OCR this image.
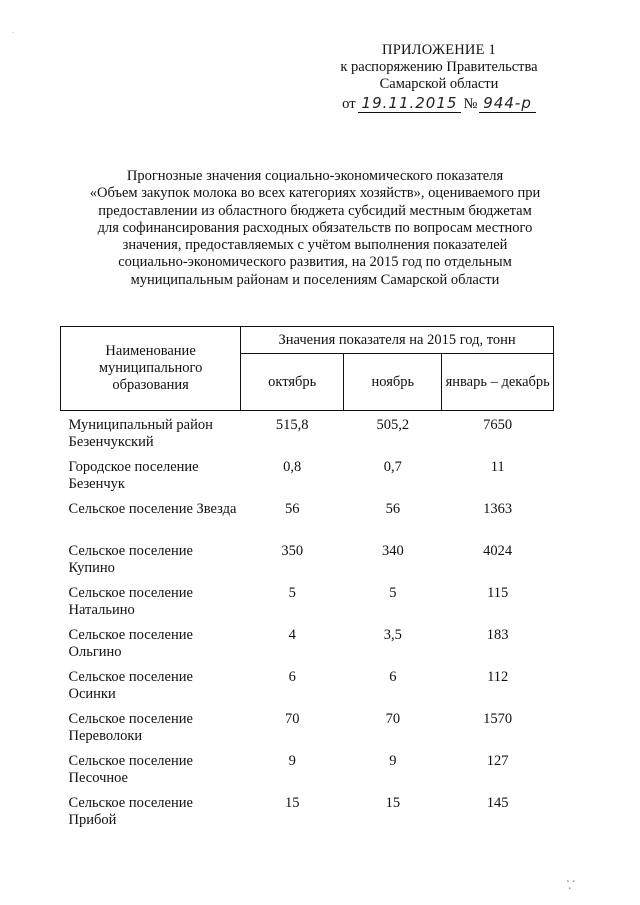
·
ПРИЛОЖЕНИЕ 1
к распоряжению Правительства
Самарской области
от 19.11.2015 № 944-р
Прогнозные значения социально-экономического показателя
«Объем закупок молока во всех категориях хозяйств», оцениваемого при
предоставлении из областного бюджета субсидий местным бюджетам
для софинансирования расходных обязательств по вопросам местного
значения, предоставляемых с учётом выполнения показателей
социально-экономического развития, на 2015 год по отдельным
муниципальным районам и поселениям Самарской области
Наименование муниципального образования	Значения показателя на 2015 год, тонн		
	октябрь	ноябрь	январь – декабрь
Муниципальный район Безенчукский	515,8	505,2	7650
Городское поселение Безенчук	0,8	0,7	11
Сельское поселение Звезда	56	56	1363
Сельское поселение Купино	350	340	4024
Сельское поселение Натальино	5	5	115
Сельское поселение Ольгино	4	3,5	183
Сельское поселение Осинки	6	6	112
Сельское поселение Переволоки	70	70	1570
Сельское поселение Песочное	9	9	127
Сельское поселение Прибой	15	15	145
∙ ∙
∙
